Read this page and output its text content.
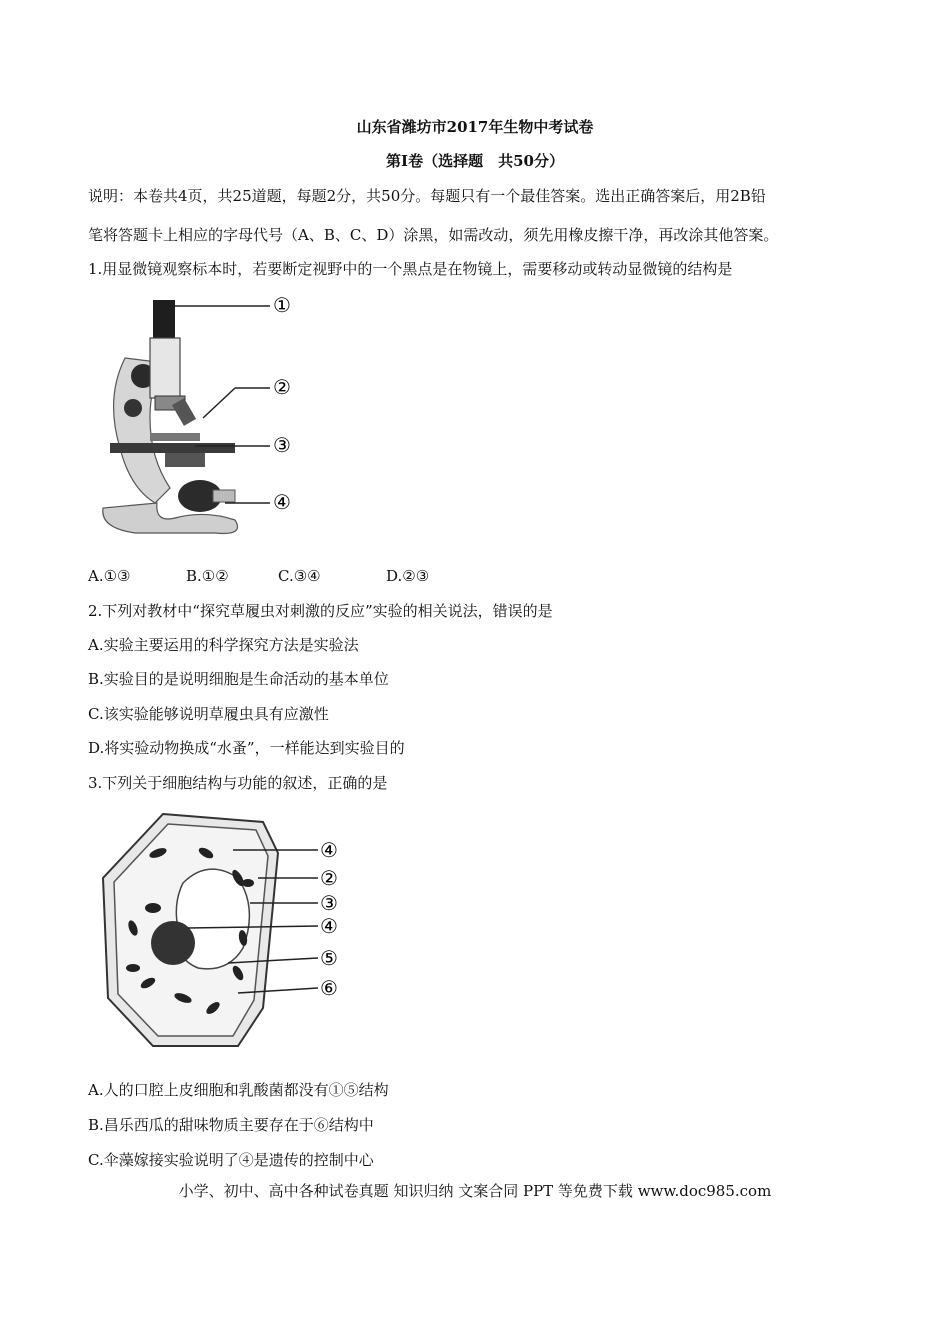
山东省潍坊市2017年生物中考试卷
第Ⅰ卷（选择题　共50分）
说明：本卷共4页，共25道题，每题2分，共50分。每题只有一个最佳答案。选出正确答案后，用2B铅
笔将答题卡上相应的字母代号（A、B、C、D）涂黑，如需改动，须先用橡皮擦干净，再改涂其他答案。
1.用显微镜观察标本时，若要断定视野中的一个黑点是在物镜上，需要移动或转动显微镜的结构是
①
②
③
④
A.①③	B.①②	C.③④	D.②③
2.下列对教材中“探究草履虫对刺激的反应”实验的相关说法，错误的是
A.实验主要运用的科学探究方法是实验法
B.实验目的是说明细胞是生命活动的基本单位
C.该实验能够说明草履虫具有应激性
D.将实验动物换成“水蚤”，一样能达到实验目的
3.下列关于细胞结构与功能的叙述，正确的是
④
②
③
④
⑤
⑥
A.人的口腔上皮细胞和乳酸菌都没有①⑤结构
B.昌乐西瓜的甜味物质主要存在于⑥结构中
C.伞藻嫁接实验说明了④是遗传的控制中心
小学、初中、高中各种试卷真题 知识归纳 文案合同 PPT 等免费下载 www.doc985.com
